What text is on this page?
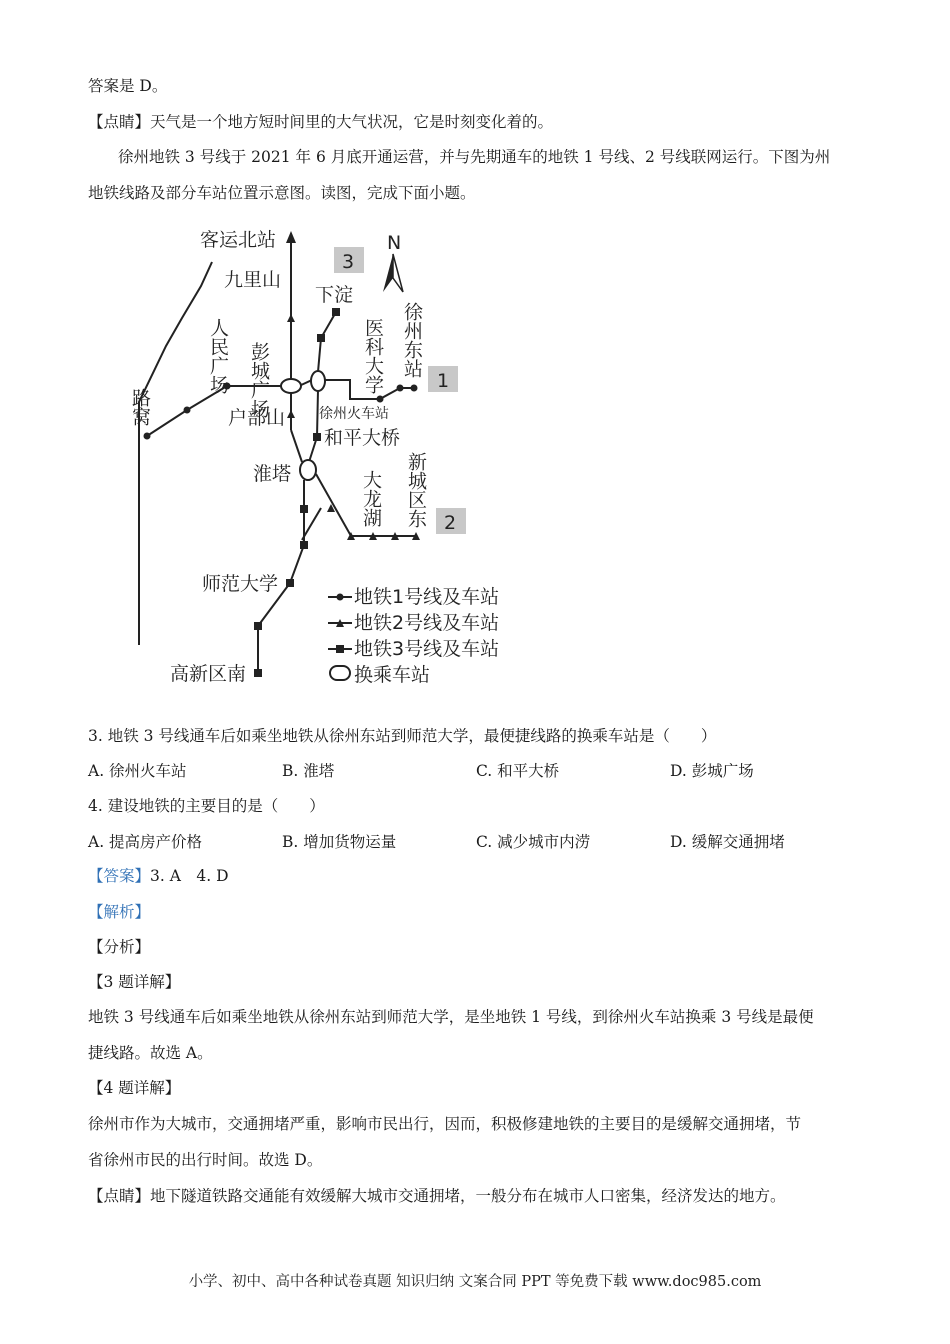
答案是 D。
【点睛】天气是一个地方短时间里的大气状况，它是时刻变化着的。
徐州地铁 3 号线于 2021 年 6 月底开通运营，并与先期通车的地铁 1 号线、2 号线联网运行。下图为州
地铁线路及部分车站位置示意图。读图，完成下面小题。
N
3
1
2
客运北站
九里山
下淀
人民广场 彭城广场	医科大学 徐州东站
路窝	户部山 徐州火车站
和平大桥
淮塔	大龙湖 新城区东
师范大学
高新区南
地铁1号线及车站
地铁2号线及车站
地铁3号线及车站
换乘车站
3. 地铁 3 号线通车后如乘坐地铁从徐州东站到师范大学，最便捷线路的换乘车站是（　　）
A. 徐州火车站	B. 淮塔	C. 和平大桥	D. 彭城广场
4. 建设地铁的主要目的是（　　）
A. 提高房产价格	B. 增加货物运量	C. 减少城市内涝	D. 缓解交通拥堵
【答案】3. A　4. D
【解析】
【分析】
【3 题详解】
地铁 3 号线通车后如乘坐地铁从徐州东站到师范大学，是坐地铁 1 号线，到徐州火车站换乘 3 号线是最便
捷线路。故选 A。
【4 题详解】
徐州市作为大城市，交通拥堵严重，影响市民出行，因而，积极修建地铁的主要目的是缓解交通拥堵，节
省徐州市民的出行时间。故选 D。
【点睛】地下隧道铁路交通能有效缓解大城市交通拥堵，一般分布在城市人口密集，经济发达的地方。
小学、初中、高中各种试卷真题 知识归纳 文案合同 PPT 等免费下载 www.doc985.com
